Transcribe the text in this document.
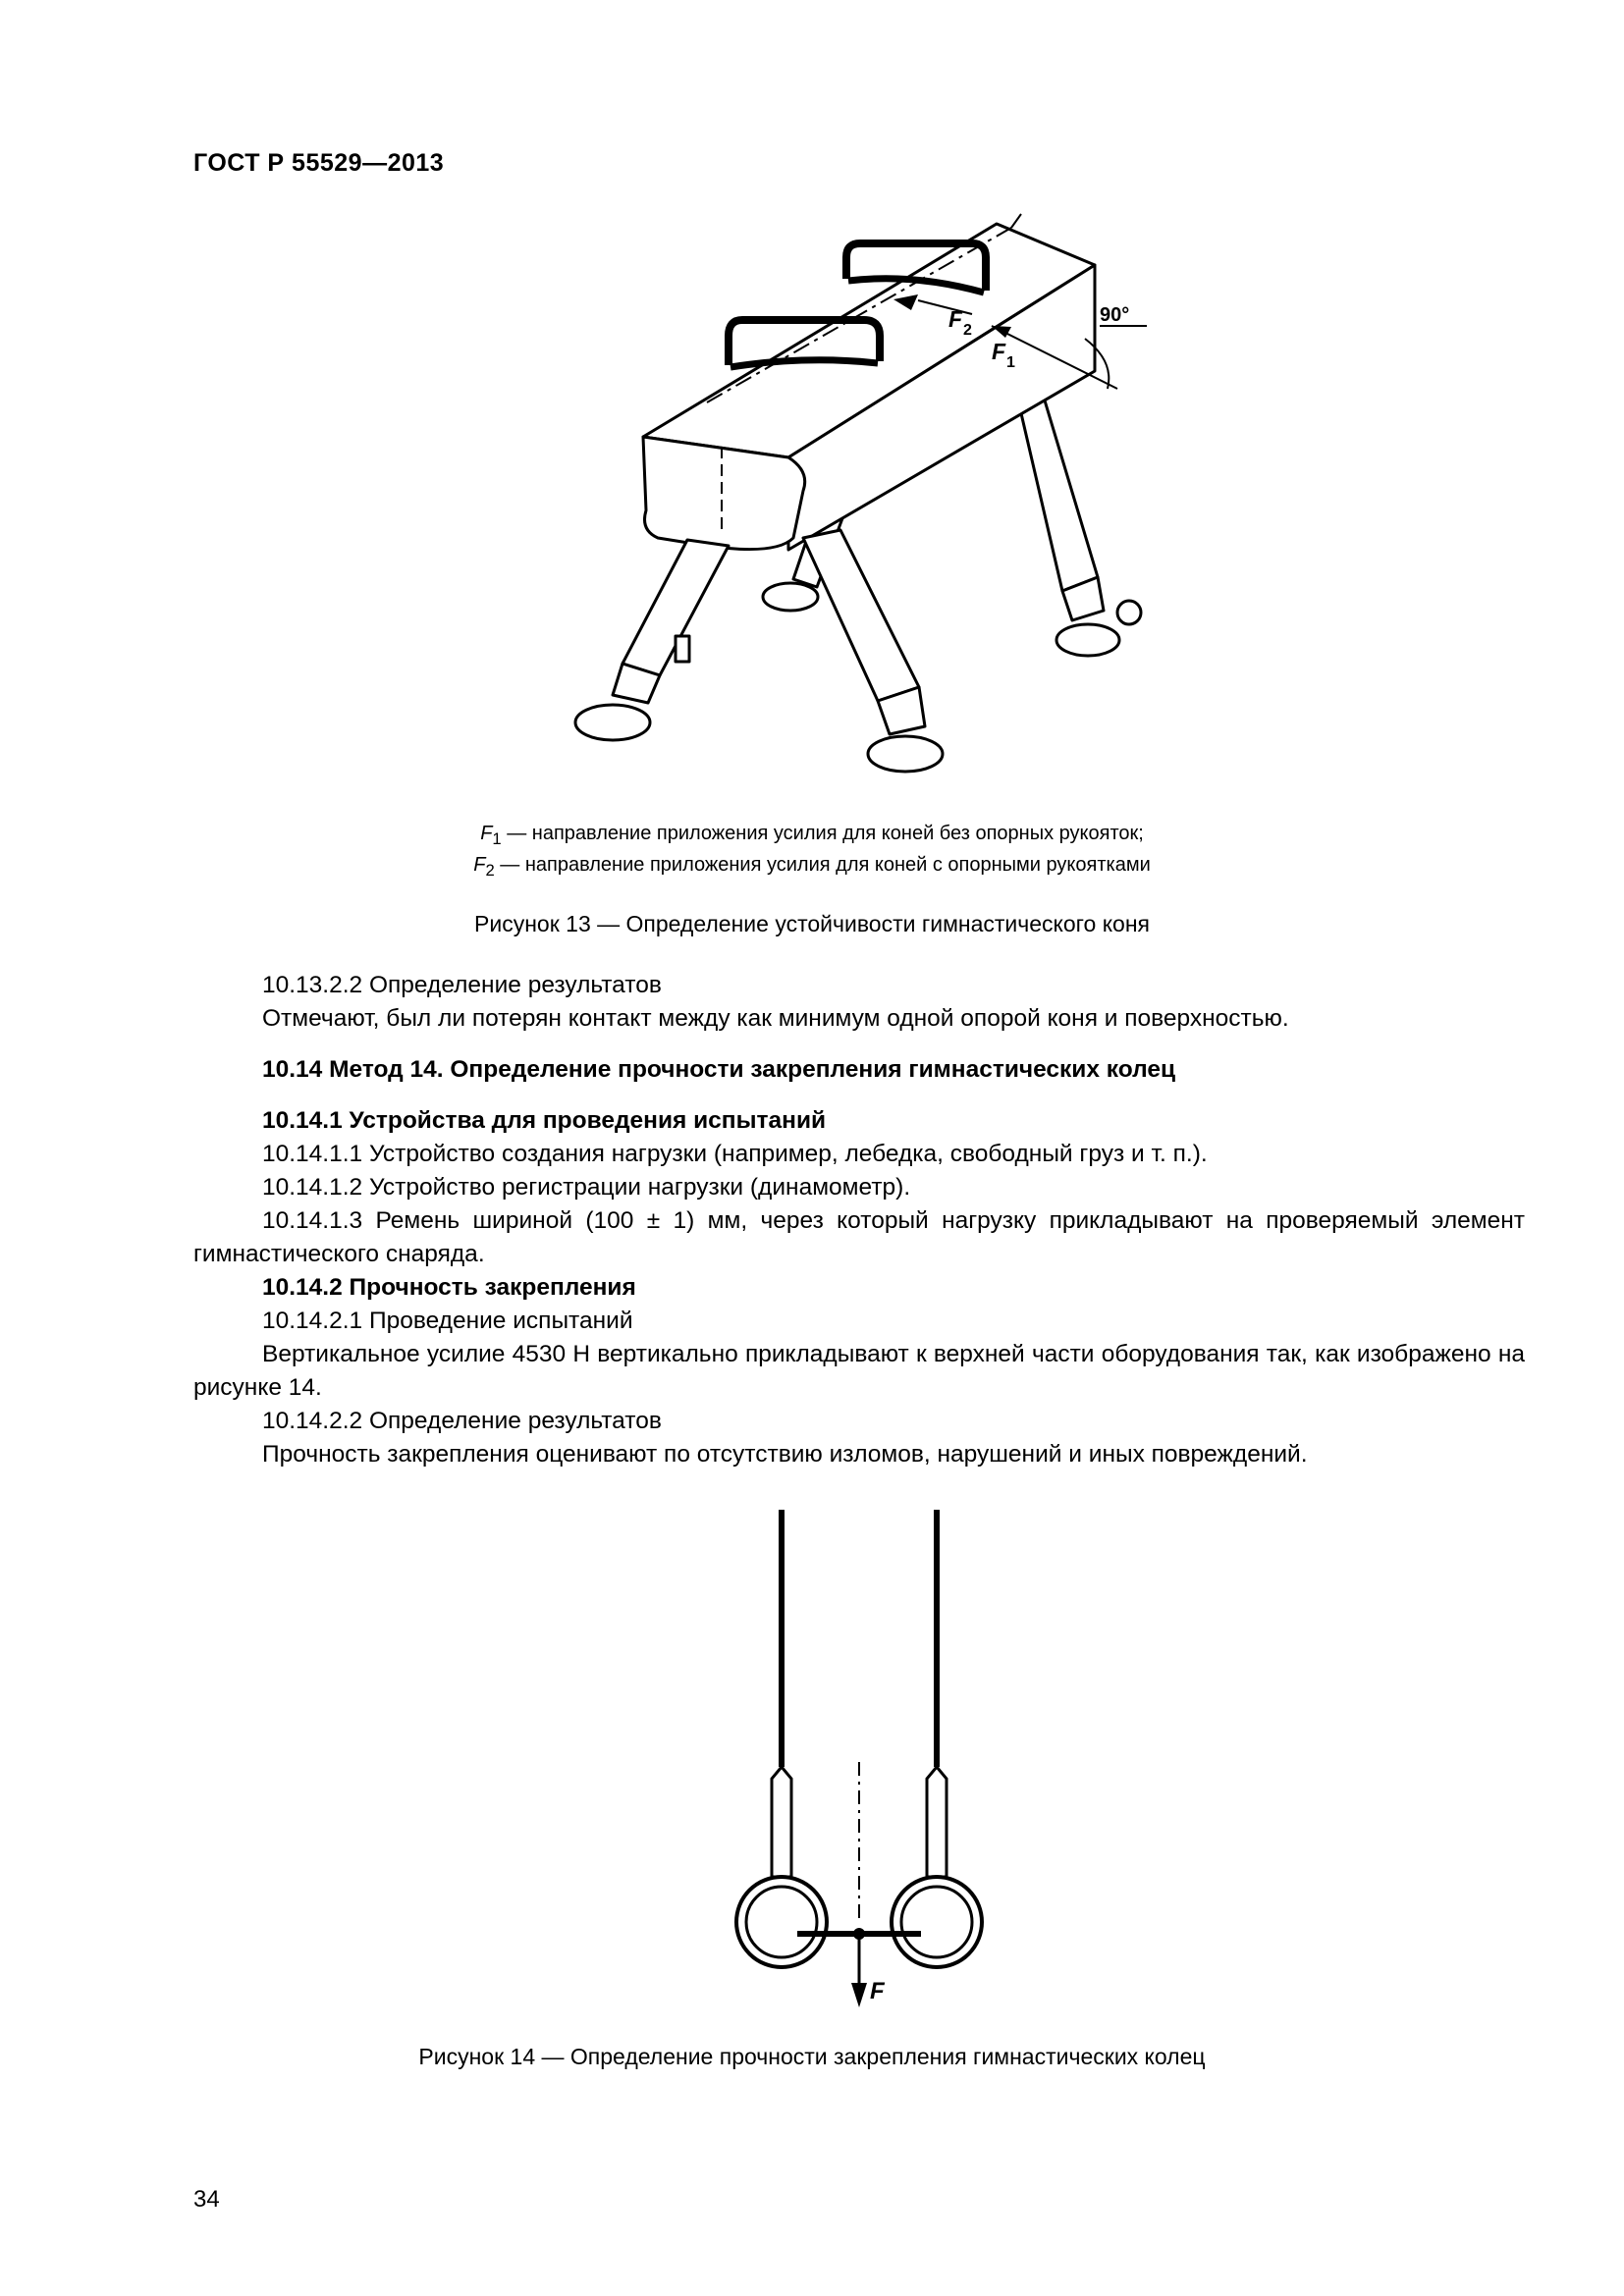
ГОСТ Р 55529—2013
90°
F 2
F 1
$F_1$ — направление приложения усилия для коней без опорных рукояток;
$F_2$ — направление приложения усилия для коней с опорными рукоятками
Рисунок 13 — Определение устойчивости гимнастического коня
10.13.2.2 Определение результатов
Отмечают, был ли потерян контакт между как минимум одной опорой коня и поверхностью.
10.14 Метод 14. Определение прочности закрепления гимнастических колец
10.14.1 Устройства для проведения испытаний
10.14.1.1 Устройство создания нагрузки (например, лебедка, свободный груз и т. п.).
10.14.1.2 Устройство регистрации нагрузки (динамометр).
10.14.1.3 Ремень шириной (100 ± 1) мм, через который нагрузку прикладывают на проверяемый элемент гимнастического снаряда.
10.14.2 Прочность закрепления
10.14.2.1 Проведение испытаний
Вертикальное усилие 4530 Н вертикально прикладывают к верхней части оборудования так, как изображено на рисунке 14.
10.14.2.2 Определение результатов
Прочность закрепления оценивают по отсутствию изломов, нарушений и иных повреждений.
F
Рисунок 14 — Определение прочности закрепления гимнастических колец
34
